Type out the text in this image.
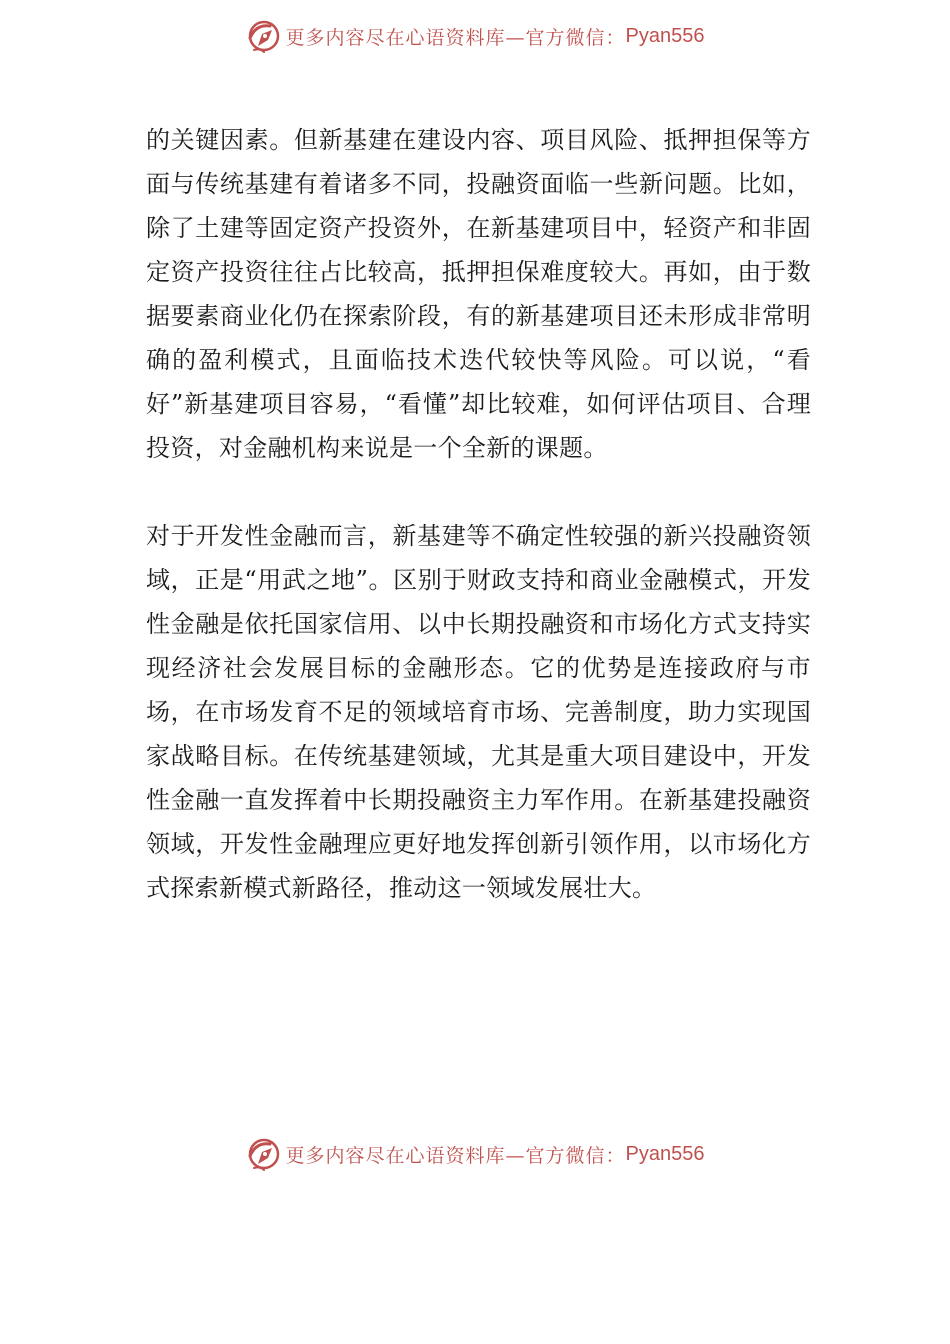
更多内容尽在心语资料库—官方微信： Pyan556

的关键因素。但新基建在建设内容、项目风险、抵押担保等方面与传统基建有着诸多不同，投融资面临一些新问题。比如，除了土建等固定资产投资外，在新基建项目中，轻资产和非固定资产投资往往占比较高，抵押担保难度较大。再如，由于数据要素商业化仍在探索阶段，有的新基建项目还未形成非常明确的盈利模式，且面临技术迭代较快等风险。可以说，“看好”新基建项目容易，“看懂”却比较难，如何评估项目、合理投资，对金融机构来说是一个全新的课题。

对于开发性金融而言，新基建等不确定性较强的新兴投融资领域，正是“用武之地”。区别于财政支持和商业金融模式，开发性金融是依托国家信用、以中长期投融资和市场化方式支持实现经济社会发展目标的金融形态。它的优势是连接政府与市场，在市场发育不足的领域培育市场、完善制度，助力实现国家战略目标。在传统基建领域，尤其是重大项目建设中，开发性金融一直发挥着中长期投融资主力军作用。在新基建投融资领域，开发性金融理应更好地发挥创新引领作用，以市场化方式探索新模式新路径，推动这一领域发展壮大。

更多内容尽在心语资料库—官方微信： Pyan556
